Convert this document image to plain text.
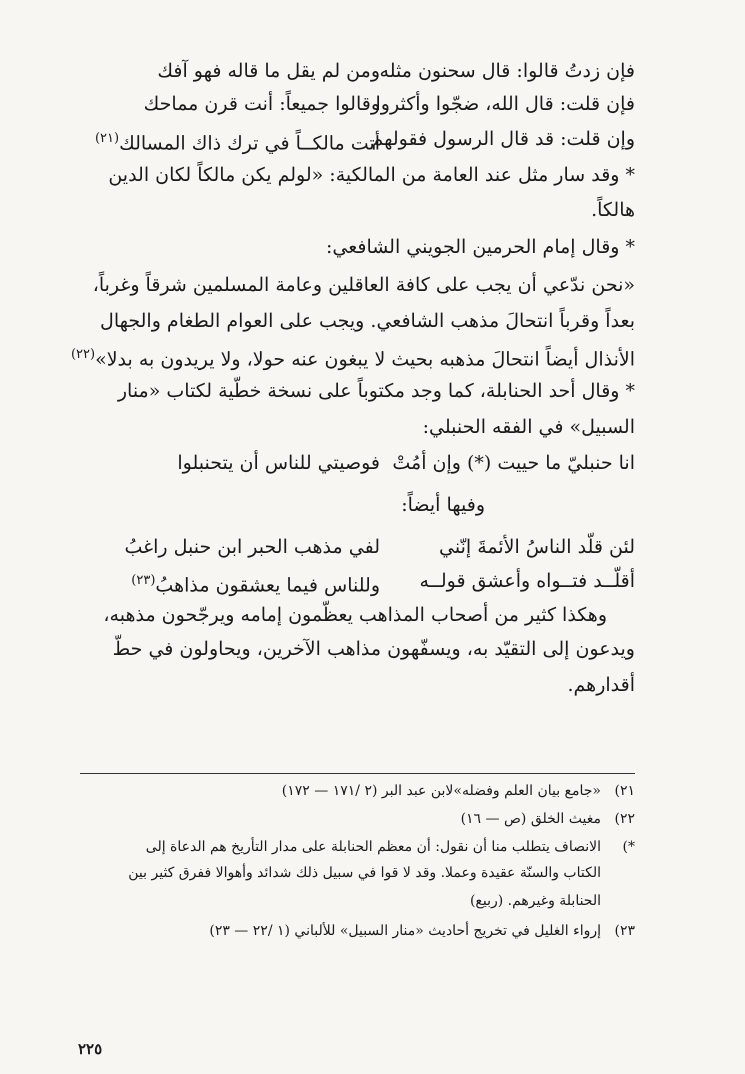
فإن زدتُ قالوا: قال سحنون مثله
ومن لم يقل ما قاله فهو آفك
فإن قلت: قال الله، ضجّوا وأكثروا
وقالوا جميعاً: أنت قرن مماحك
وإن قلت: قد قال الرسول فقولهم
أتت مالكــاً في ترك ذاك المسالك$^{(٢١)}$
* وقد سار مثل عند العامة من المالكية: «لولم يكن مالكاً لكان الدين
هالكاً.
* وقال إمام الحرمين الجويني الشافعي:
«نحن ندّعي أن يجب على كافة العاقلين وعامة المسلمين شرقاً وغرباً،
بعداً وقرباً انتحالَ مذهب الشافعي. ويجب على العوام الطغام والجهال
الأنذال أيضاً انتحالَ مذهبه بحيث لا يبغون عنه حولا، ولا يريدون به بدلا»$^{(٢٢)}$
* وقال أحد الحنابلة، كما وجد مكتوباً على نسخة خطّية لكتاب «منار
السبيل» في الفقه الحنبلي:
انا حنبليّ ما حييت (*) وإن أمُتْ
فوصيتي للناس أن يتحنبلوا
وفيها أيضاً:
لئن قلّد الناسُ الأئمةَ إنّني
لفي مذهب الحبر ابن حنبل راغبُ
أقلّــد فتــواه وأعشق قولــه
وللناس فيما يعشقون مذاهبُ$^{(٢٣)}$
وهكذا كثير من أصحاب المذاهب يعظّمون إمامه ويرجّحون مذهبه،
ويدعون إلى التقيّد به، ويسفّهون مذاهب الآخرين، ويحاولون في حطّ
أقدارهم.
٢١)«جامع بيان العلم وفضله»لابن عبد البر (٢ /١٧١ — ١٧٢)
٢٢)مغيث الخلق (ص — ١٦)
*)الانصاف يتطلب منا أن نقول: أن معظم الحنابلة على مدار التأريخ هم الدعاة إلى
الكتاب والسنّة عقيدة وعملا. وقد لا قوا في سبيل ذلك شدائد وأهوالا ففرق كثير بين
الحنابلة وغيرهم. (ربيع)
٢٣)إرواء الغليل في تخريج أحاديث «منار السبيل» للألباني (١ /٢٢ — ٢٣)
٢٢٥
